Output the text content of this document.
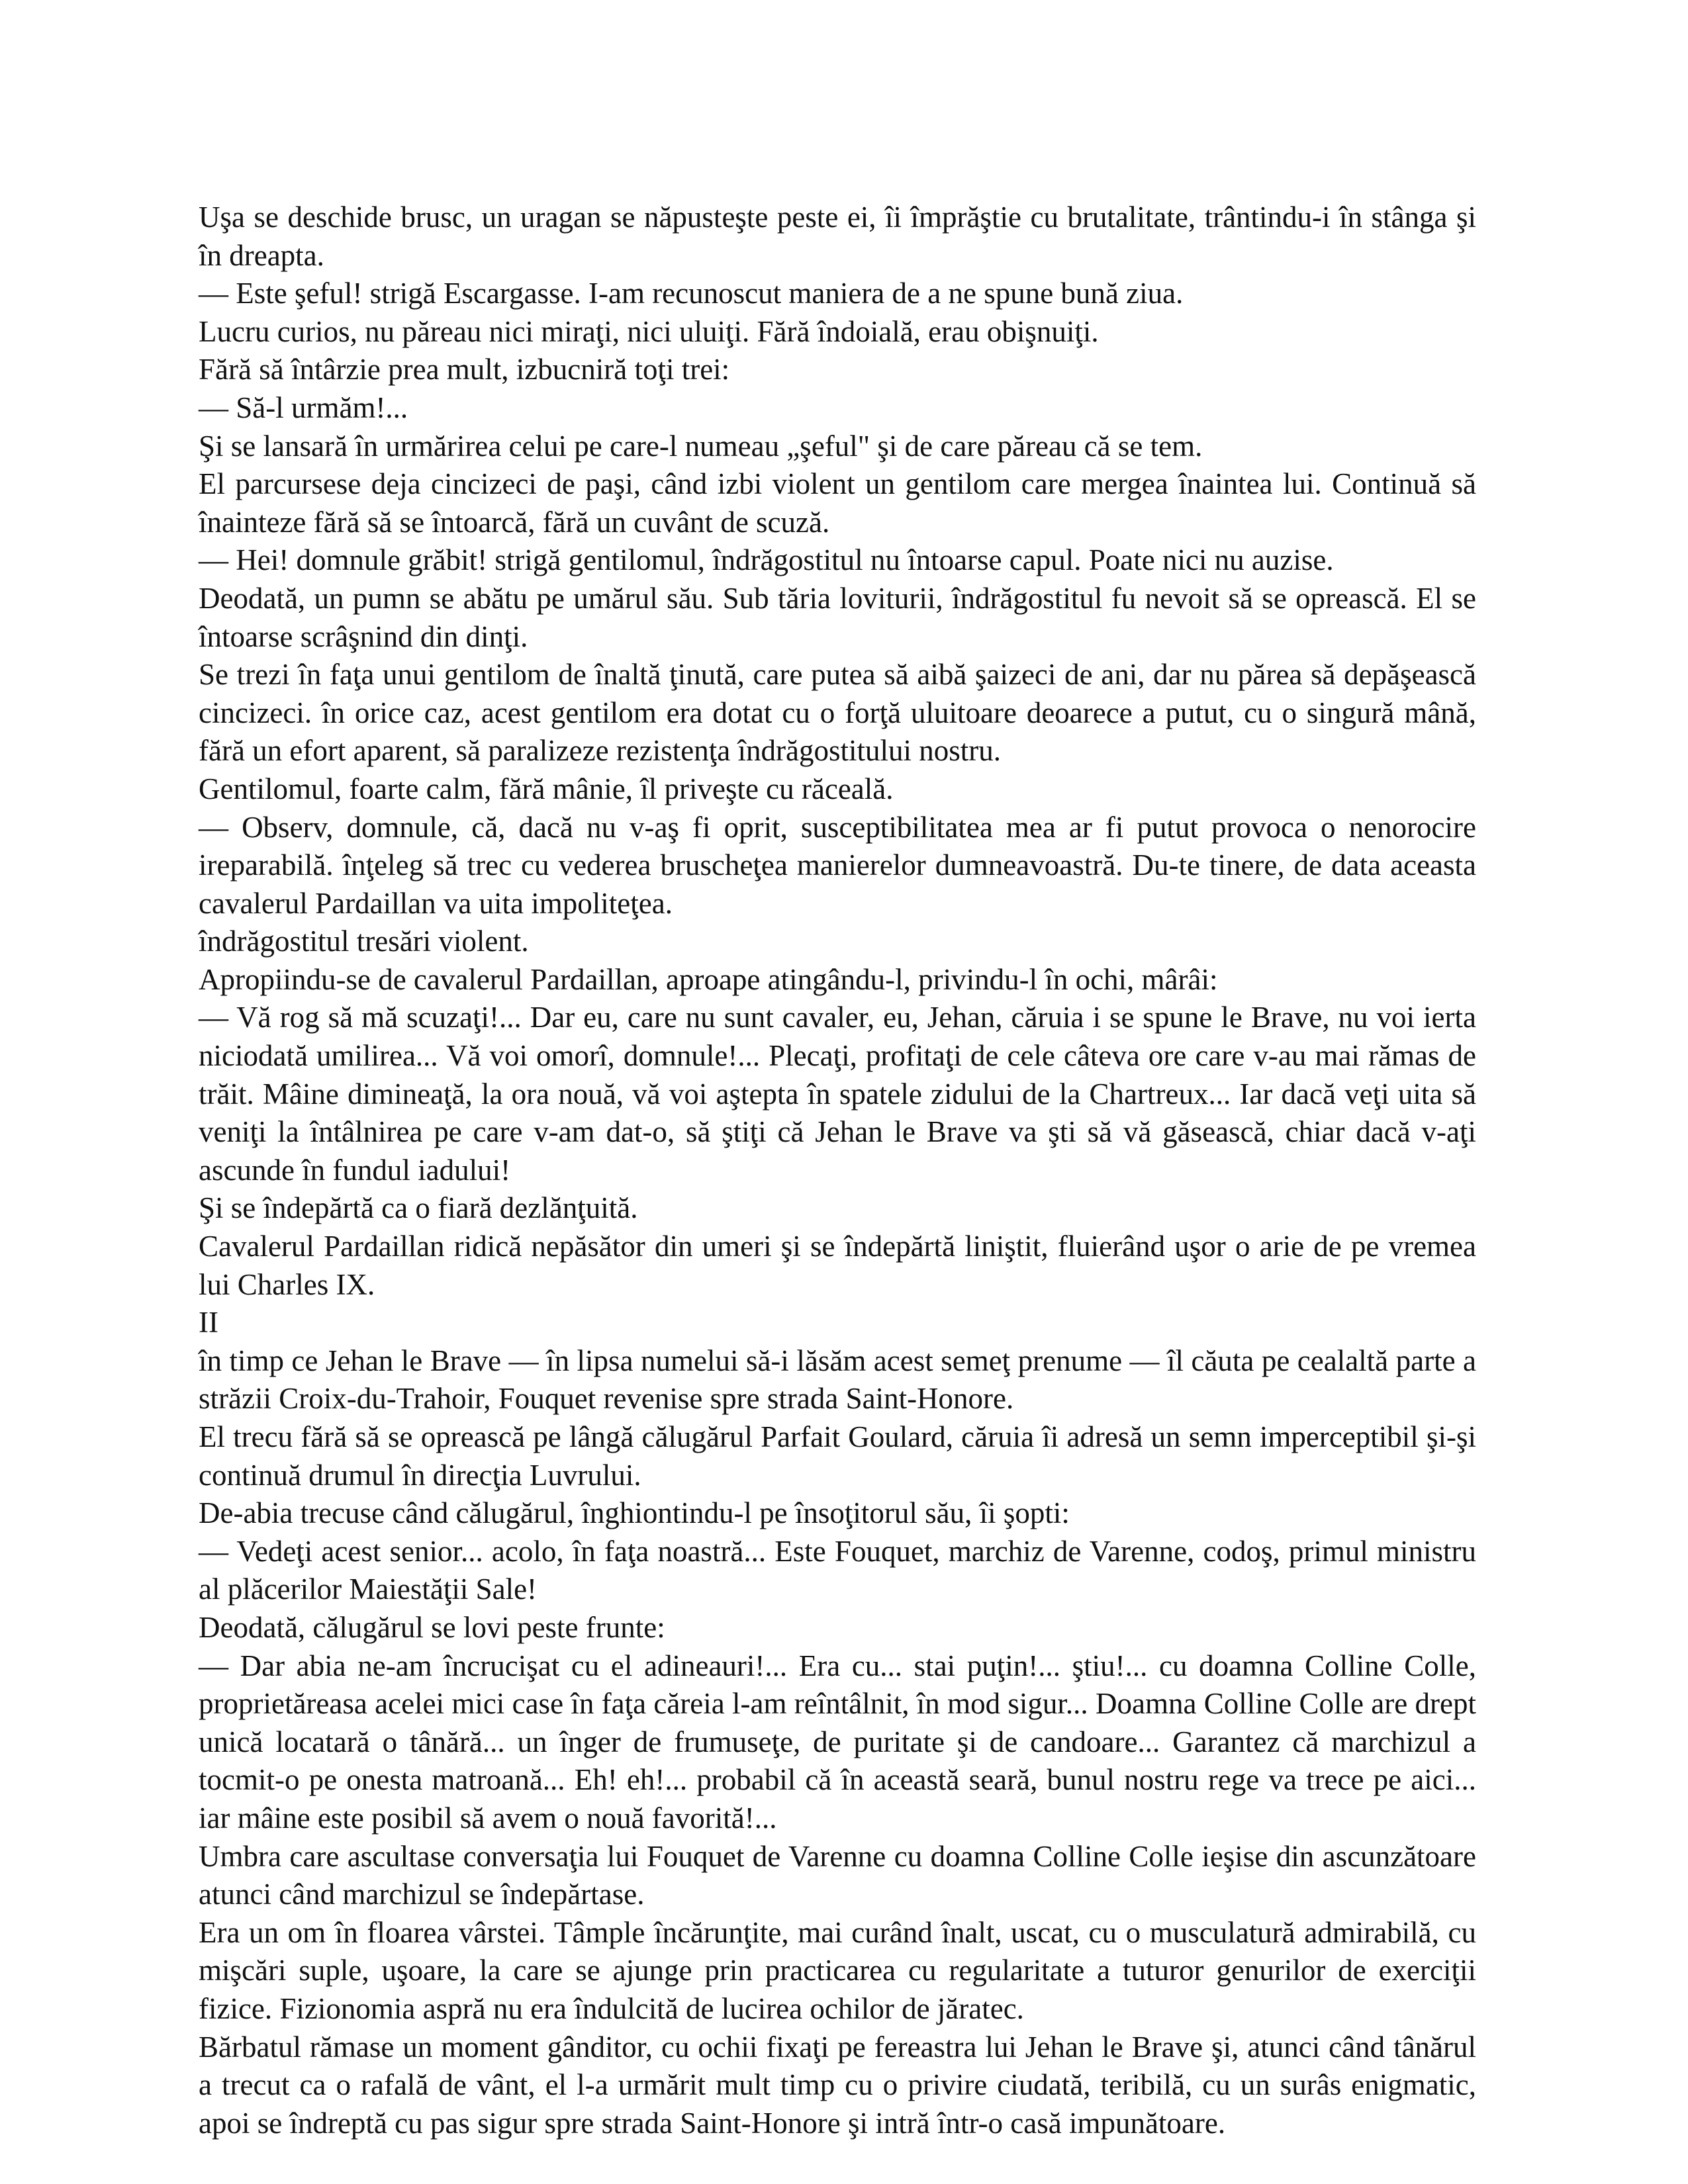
Uşa se deschide brusc, un uragan se năpusteşte peste ei, îi împrăştie cu brutalitate, trântindu-i în stânga şi în dreapta.

— Este şeful! strigă Escargasse. I-am recunoscut maniera de a ne spune bună ziua.

Lucru curios, nu păreau nici miraţi, nici uluiţi. Fără îndoială, erau obişnuiţi.

Fără să întârzie prea mult, izbucniră toţi trei:

— Să-l urmăm!...

Şi se lansară în urmărirea celui pe care-l numeau „şeful" şi de care păreau că se tem.

El parcursese deja cincizeci de paşi, când izbi violent un gentilom care mergea înaintea lui. Continuă să înainteze fără să se întoarcă, fără un cuvânt de scuză.

— Hei! domnule grăbit! strigă gentilomul, îndrăgostitul nu întoarse capul. Poate nici nu auzise.

Deodată, un pumn se abătu pe umărul său. Sub tăria loviturii, îndrăgostitul fu nevoit să se oprească. El se întoarse scrâşnind din dinţi.

Se trezi în faţa unui gentilom de înaltă ţinută, care putea să aibă şaizeci de ani, dar nu părea să depăşească cincizeci. în orice caz, acest gentilom era dotat cu o forţă uluitoare deoarece a putut, cu o singură mână, fără un efort aparent, să paralizeze rezistenţa îndrăgostitului nostru.

Gentilomul, foarte calm, fără mânie, îl priveşte cu răceală.

— Observ, domnule, că, dacă nu v-aş fi oprit, susceptibilitatea mea ar fi putut provoca o nenorocire ireparabilă. înţeleg să trec cu vederea bruscheţea manierelor dumneavoastră. Du-te tinere, de data aceasta cavalerul Pardaillan va uita impoliteţea.

îndrăgostitul tresări violent.

Apropiindu-se de cavalerul Pardaillan, aproape atingându-l, privindu-l în ochi, mârâi:

— Vă rog să mă scuzaţi!... Dar eu, care nu sunt cavaler, eu, Jehan, căruia i se spune le Brave, nu voi ierta niciodată umilirea... Vă voi omorî, domnule!... Plecaţi, profitaţi de cele câteva ore care v-au mai rămas de trăit. Mâine dimineaţă, la ora nouă, vă voi aştepta în spatele zidului de la Chartreux... Iar dacă veţi uita să veniţi la întâlnirea pe care v-am dat-o, să ştiţi că Jehan le Brave va şti să vă găsească, chiar dacă v-aţi ascunde în fundul iadului!

Şi se îndepărtă ca o fiară dezlănţuită.

Cavalerul Pardaillan ridică nepăsător din umeri şi se îndepărtă liniştit, fluierând uşor o arie de pe vremea lui Charles IX.

II

în timp ce Jehan le Brave — în lipsa numelui să-i lăsăm acest semeţ prenume — îl căuta pe cealaltă parte a străzii Croix-du-Trahoir, Fouquet revenise spre strada Saint-Honore.

El trecu fără să se oprească pe lângă călugărul Parfait Goulard, căruia îi adresă un semn imperceptibil şi-şi continuă drumul în direcţia Luvrului.

De-abia trecuse când călugărul, înghiontindu-l pe însoţitorul său, îi şopti:

— Vedeţi acest senior... acolo, în faţa noastră... Este Fouquet, marchiz de Varenne, codoş, primul ministru al plăcerilor Maiestăţii Sale!

Deodată, călugărul se lovi peste frunte:

— Dar abia ne-am încrucişat cu el adineauri!... Era cu... stai puţin!... ştiu!... cu doamna Colline Colle, proprietăreasa acelei mici case în faţa căreia l-am reîntâlnit, în mod sigur... Doamna Colline Colle are drept unică locatară o tânără... un înger de frumuseţe, de puritate şi de candoare... Garantez că marchizul a tocmit-o pe onesta matroană... Eh! eh!... probabil că în această seară, bunul nostru rege va trece pe aici... iar mâine este posibil să avem o nouă favorită!...

Umbra care ascultase conversaţia lui Fouquet de Varenne cu doamna Colline Colle ieşise din ascunzătoare atunci când marchizul se îndepărtase.

Era un om în floarea vârstei. Tâmple încărunţite, mai curând înalt, uscat, cu o musculatură admirabilă, cu mişcări suple, uşoare, la care se ajunge prin practicarea cu regularitate a tuturor genurilor de exerciţii fizice. Fizionomia aspră nu era îndulcită de lucirea ochilor de jăratec.

Bărbatul rămase un moment gânditor, cu ochii fixaţi pe fereastra lui Jehan le Brave şi, atunci când tânărul a trecut ca o rafală de vânt, el l-a urmărit mult timp cu o privire ciudată, teribilă, cu un surâs enigmatic, apoi se îndreptă cu pas sigur spre strada Saint-Honore şi intră într-o casă impunătoare.
